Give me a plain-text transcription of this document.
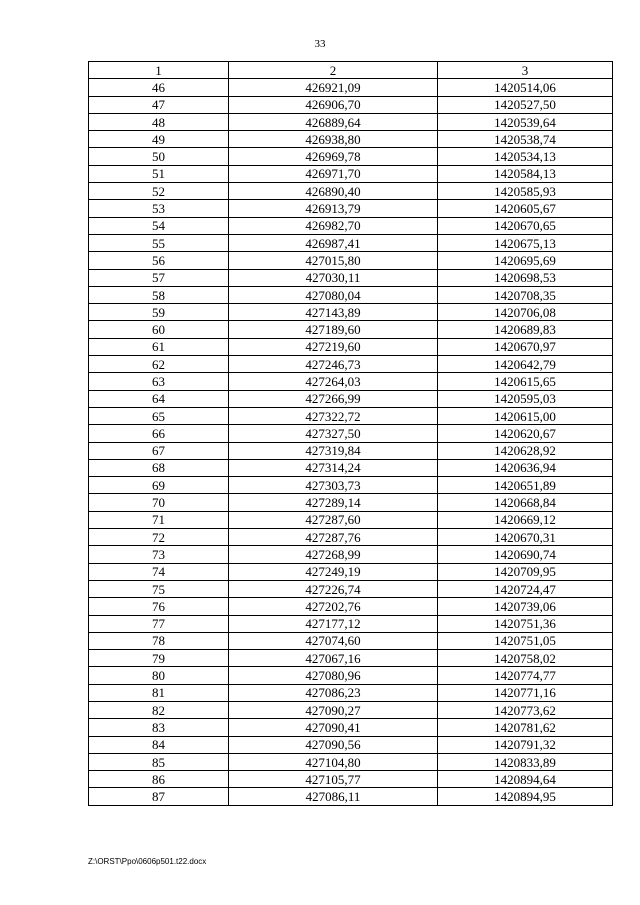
33
1	2	3
46	426921,09	1420514,06
47	426906,70	1420527,50
48	426889,64	1420539,64
49	426938,80	1420538,74
50	426969,78	1420534,13
51	426971,70	1420584,13
52	426890,40	1420585,93
53	426913,79	1420605,67
54	426982,70	1420670,65
55	426987,41	1420675,13
56	427015,80	1420695,69
57	427030,11	1420698,53
58	427080,04	1420708,35
59	427143,89	1420706,08
60	427189,60	1420689,83
61	427219,60	1420670,97
62	427246,73	1420642,79
63	427264,03	1420615,65
64	427266,99	1420595,03
65	427322,72	1420615,00
66	427327,50	1420620,67
67	427319,84	1420628,92
68	427314,24	1420636,94
69	427303,73	1420651,89
70	427289,14	1420668,84
71	427287,60	1420669,12
72	427287,76	1420670,31
73	427268,99	1420690,74
74	427249,19	1420709,95
75	427226,74	1420724,47
76	427202,76	1420739,06
77	427177,12	1420751,36
78	427074,60	1420751,05
79	427067,16	1420758,02
80	427080,96	1420774,77
81	427086,23	1420771,16
82	427090,27	1420773,62
83	427090,41	1420781,62
84	427090,56	1420791,32
85	427104,80	1420833,89
86	427105,77	1420894,64
87	427086,11	1420894,95
Z:\ORST\Ppo\0606p501.t22.docx
